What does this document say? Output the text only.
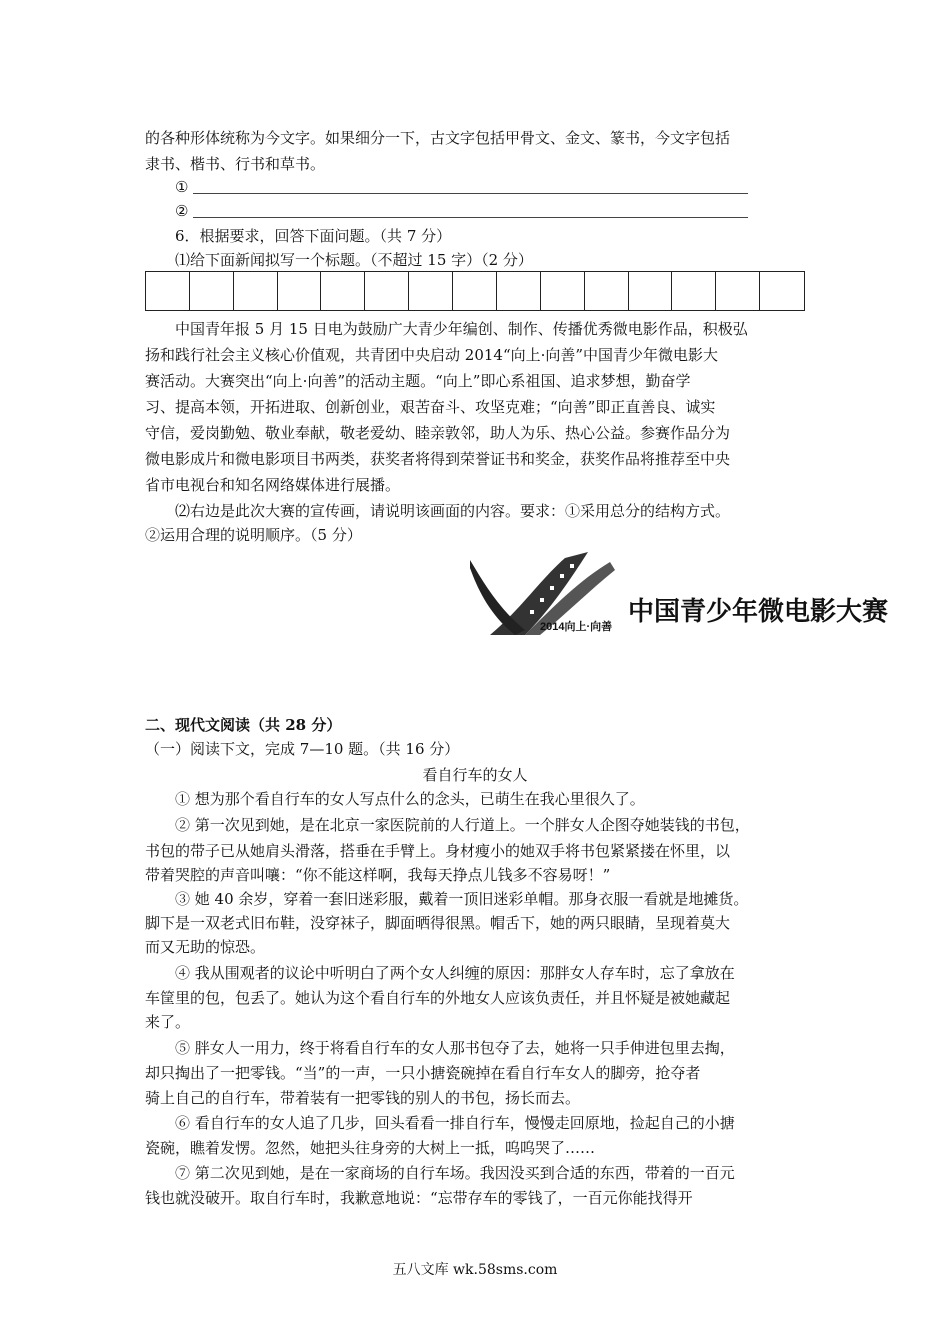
的各种形体统称为今文字。如果细分一下，古文字包括甲骨文、金文、篆书，今文字包括
隶书、楷书、行书和草书。
①
②
6．根据要求，回答下面问题。（共 7 分）
⑴给下面新闻拟写一个标题。（不超过 15 字）（2 分）
中国青年报 5 月 15 日电为鼓励广大青少年编创、制作、传播优秀微电影作品，积极弘
扬和践行社会主义核心价值观，共青团中央启动 2014“向上·向善”中国青少年微电影大
赛活动。大赛突出“向上·向善”的活动主题。“向上”即心系祖国、追求梦想，勤奋学
习、提高本领，开拓进取、创新创业，艰苦奋斗、攻坚克难；“向善”即正直善良、诚实
守信，爱岗勤勉、敬业奉献，敬老爱幼、睦亲敦邻，助人为乐、热心公益。参赛作品分为
微电影成片和微电影项目书两类，获奖者将得到荣誉证书和奖金，获奖作品将推荐至中央
省市电视台和知名网络媒体进行展播。
⑵右边是此次大赛的宣传画，请说明该画面的内容。要求：①采用总分的结构方式。
②运用合理的说明顺序。（5 分）
2014向上·向善
中国青少年微电影大赛
二、现代文阅读（共 28 分）
（一）阅读下文，完成 7—10 题。（共 16 分）
看自行车的女人
① 想为那个看自行车的女人写点什么的念头，已萌生在我心里很久了。
② 第一次见到她，是在北京一家医院前的人行道上。一个胖女人企图夺她装钱的书包，
书包的带子已从她肩头滑落，搭垂在手臂上。身材瘦小的她双手将书包紧紧搂在怀里，以
带着哭腔的声音叫嚷：“你不能这样啊，我每天挣点儿钱多不容易呀！”
③ 她 40 余岁，穿着一套旧迷彩服，戴着一顶旧迷彩单帽。那身衣服一看就是地摊货。
脚下是一双老式旧布鞋，没穿袜子，脚面晒得很黑。帽舌下，她的两只眼睛，呈现着莫大
而又无助的惊恐。
④ 我从围观者的议论中听明白了两个女人纠缠的原因：那胖女人存车时，忘了拿放在
车筐里的包，包丢了。她认为这个看自行车的外地女人应该负责任，并且怀疑是被她藏起
来了。
⑤ 胖女人一用力，终于将看自行车的女人那书包夺了去，她将一只手伸进包里去掏，
却只掏出了一把零钱。“当”的一声，一只小搪瓷碗掉在看自行车女人的脚旁，抢夺者
骑上自己的自行车，带着装有一把零钱的别人的书包，扬长而去。
⑥ 看自行车的女人追了几步，回头看看一排自行车，慢慢走回原地，捡起自己的小搪
瓷碗，瞧着发愣。忽然，她把头往身旁的大树上一抵，呜呜哭了……
⑦ 第二次见到她，是在一家商场的自行车场。我因没买到合适的东西，带着的一百元
钱也就没破开。取自行车时，我歉意地说：“忘带存车的零钱了，一百元你能找得开
五八文库 wk.58sms.com
